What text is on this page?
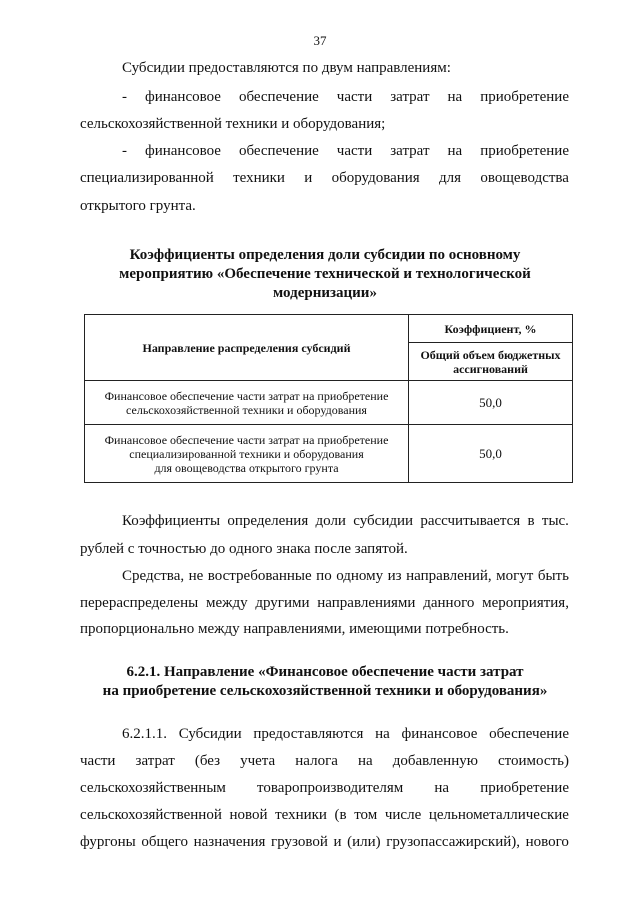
37
Субсидии предоставляются по двум направлениям:
- финансовое обеспечение части затрат на приобретение
сельскохозяйственной техники и оборудования;
- финансовое обеспечение части затрат на приобретение
специализированной техники и оборудования для овощеводства
открытого грунта.
Коэффициенты определения доли субсидии по основному
мероприятию «Обеспечение технической и технологической
модернизации»
Направление распределения субсидий	Коэффициент, %

	Общий объем бюджетных
ассигнований

Финансовое обеспечение части затрат на приобретение
сельскохозяйственной техники и оборудования	50,0

Финансовое обеспечение части затрат на приобретение
специализированной техники и оборудования
для овощеводства открытого грунта	50,0
Коэффициенты определения доли субсидии рассчитывается в тыс.
рублей с точностью до одного знака после запятой.
Средства, не востребованные по одному из направлений, могут быть
перераспределены между другими направлениями данного мероприятия,
пропорционально между направлениями, имеющими потребность.
6.2.1. Направление «Финансовое обеспечение части затрат
на приобретение сельскохозяйственной техники и оборудования»
6.2.1.1. Субсидии предоставляются на финансовое обеспечение
части затрат (без учета налога на добавленную стоимость)
сельскохозяйственным товаропроизводителям на приобретение
сельскохозяйственной новой техники (в том числе цельнометаллические
фургоны общего назначения грузовой и (или) грузопассажирский), нового
